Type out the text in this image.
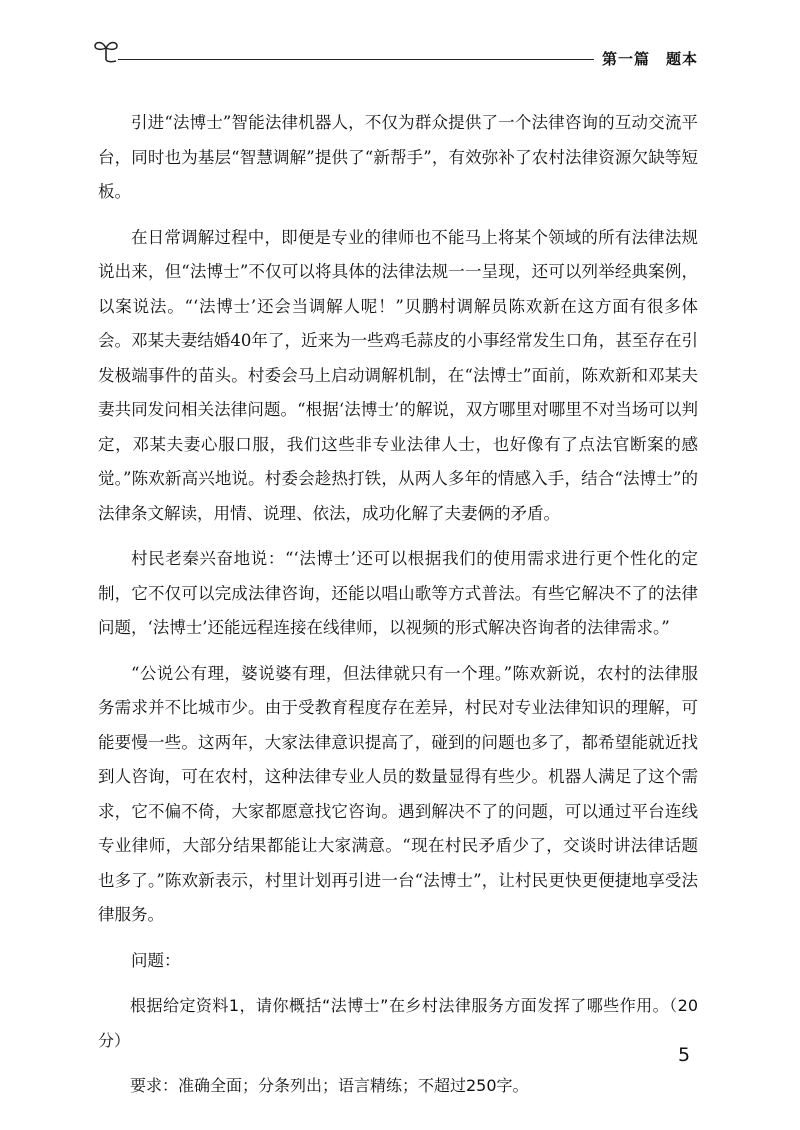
第一篇　题本

引进“法博士”智能法律机器人，不仅为群众提供了一个法律咨询的互动交流平台，同时也为基层“智慧调解”提供了“新帮手”，有效弥补了农村法律资源欠缺等短板。

在日常调解过程中，即便是专业的律师也不能马上将某个领域的所有法律法规说出来，但“法博士”不仅可以将具体的法律法规一一呈现，还可以列举经典案例，以案说法。“‘法博士’还会当调解人呢！”贝鹏村调解员陈欢新在这方面有很多体会。邓某夫妻结婚40年了，近来为一些鸡毛蒜皮的小事经常发生口角，甚至存在引发极端事件的苗头。村委会马上启动调解机制，在“法博士”面前，陈欢新和邓某夫妻共同发问相关法律问题。“根据‘法博士’的解说，双方哪里对哪里不对当场可以判定，邓某夫妻心服口服，我们这些非专业法律人士，也好像有了点法官断案的感觉。”陈欢新高兴地说。村委会趁热打铁，从两人多年的情感入手，结合“法博士”的法律条文解读，用情、说理、依法，成功化解了夫妻俩的矛盾。

村民老秦兴奋地说：“‘法博士’还可以根据我们的使用需求进行更个性化的定制，它不仅可以完成法律咨询，还能以唱山歌等方式普法。有些它解决不了的法律问题，‘法博士’还能远程连接在线律师，以视频的形式解决咨询者的法律需求。”

“公说公有理，婆说婆有理，但法律就只有一个理。”陈欢新说，农村的法律服务需求并不比城市少。由于受教育程度存在差异，村民对专业法律知识的理解，可能要慢一些。这两年，大家法律意识提高了，碰到的问题也多了，都希望能就近找到人咨询，可在农村，这种法律专业人员的数量显得有些少。机器人满足了这个需求，它不偏不倚，大家都愿意找它咨询。遇到解决不了的问题，可以通过平台连线专业律师，大部分结果都能让大家满意。“现在村民矛盾少了，交谈时讲法律话题也多了。”陈欢新表示，村里计划再引进一台“法博士”，让村民更快更便捷地享受法律服务。

问题：

根据给定资料1，请你概括“法博士”在乡村法律服务方面发挥了哪些作用。（20分）

要求：准确全面；分条列出；语言精练；不超过250字。

5
